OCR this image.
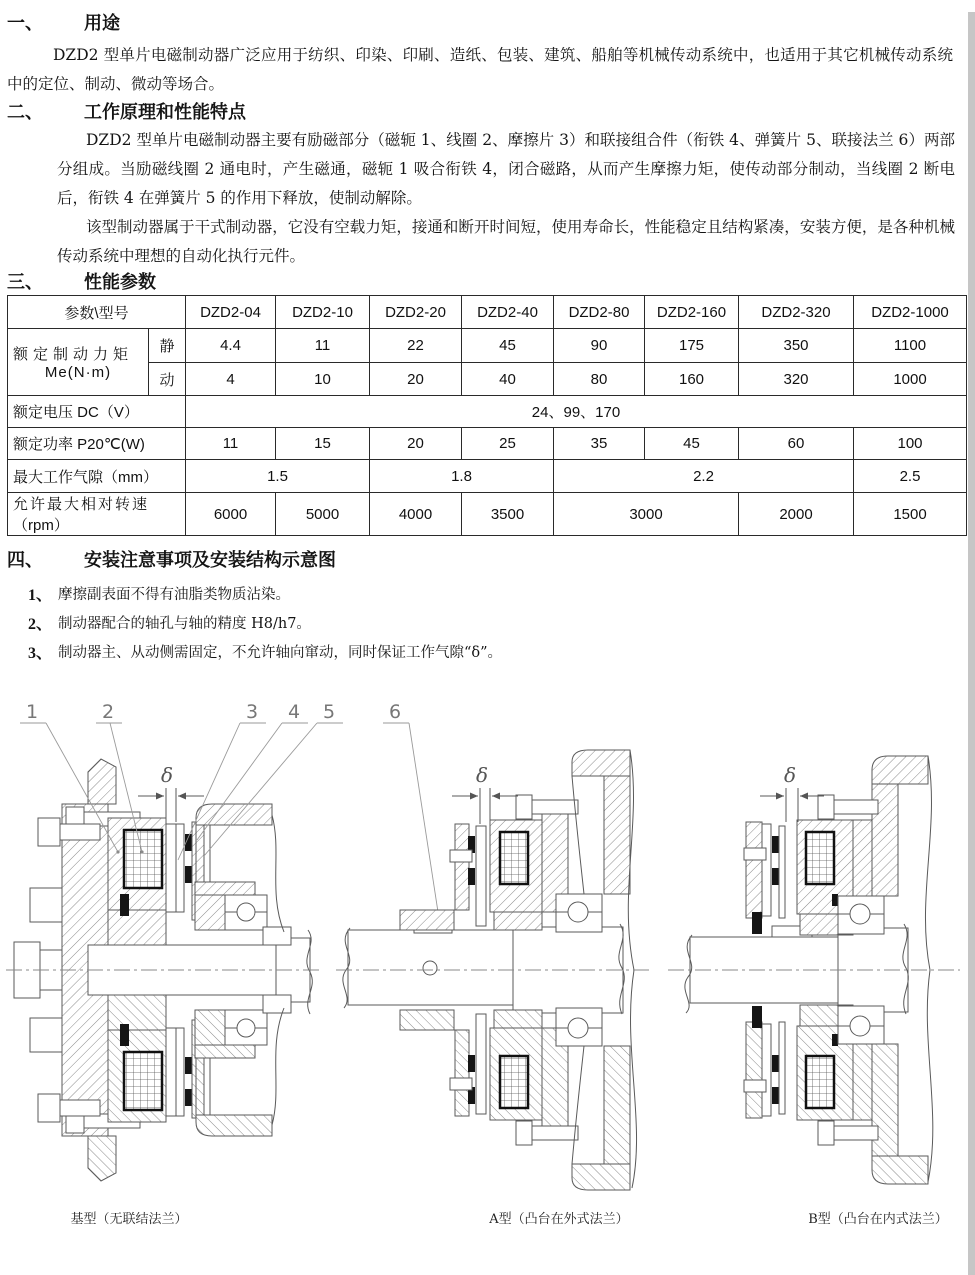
一、 用途

DZD2 型单片电磁制动器广泛应用于纺织、印染、印刷、造纸、包装、建筑、船舶等机械传动系统中，也适用于其它机械传动系统中的定位、制动、微动等场合。

二、 工作原理和性能特点

DZD2 型单片电磁制动器主要有励磁部分（磁轭 1、线圈 2、摩擦片 3）和联接组合件（衔铁 4、弹簧片 5、联接法兰 6）两部分组成。当励磁线圈 2 通电时，产生磁通，磁轭 1 吸合衔铁 4，闭合磁路，从而产生摩擦力矩，使传动部分制动，当线圈 2 断电后，衔铁 4 在弹簧片 5 的作用下释放，使制动解除。

该型制动器属于干式制动器，它没有空载力矩，接通和断开时间短，使用寿命长，性能稳定且结构紧凑，安装方便，是各种机械传动系统中理想的自动化执行元件。

三、 性能参数
参数\型号		DZD2-04	DZD2-10	DZD2-20	DZD2-40	DZD2-80	DZD2-160	DZD2-320	DZD2-1000

额定制动力矩
Me(N·m)	静	4.4	11	22	45	90	175	350	1100
	动	4	10	20	40	80	160	320	1000
额定电压 DC（V）		24、99、170							
额定功率 P20℃(W)		11	15	20	25	35	45	60	100
最大工作气隙（mm）		1.5		1.8		2.2			2.5

允许最大相对转速
（rpm）		6000	5000	4000	3500	3000		2000	1500
四、 安装注意事项及安装结构示意图
1、 摩擦副表面不得有油脂类物质沾染。
2、 制动器配合的轴孔与轴的精度 H8/h7。
3、 制动器主、从动侧需固定，不允许轴向窜动，同时保证工作气隙“δ”。
δ
1	2	3 4 5	6
δ	δ
基型（无联结法兰）	A型（凸台在外式法兰）	B型（凸台在内式法兰）
